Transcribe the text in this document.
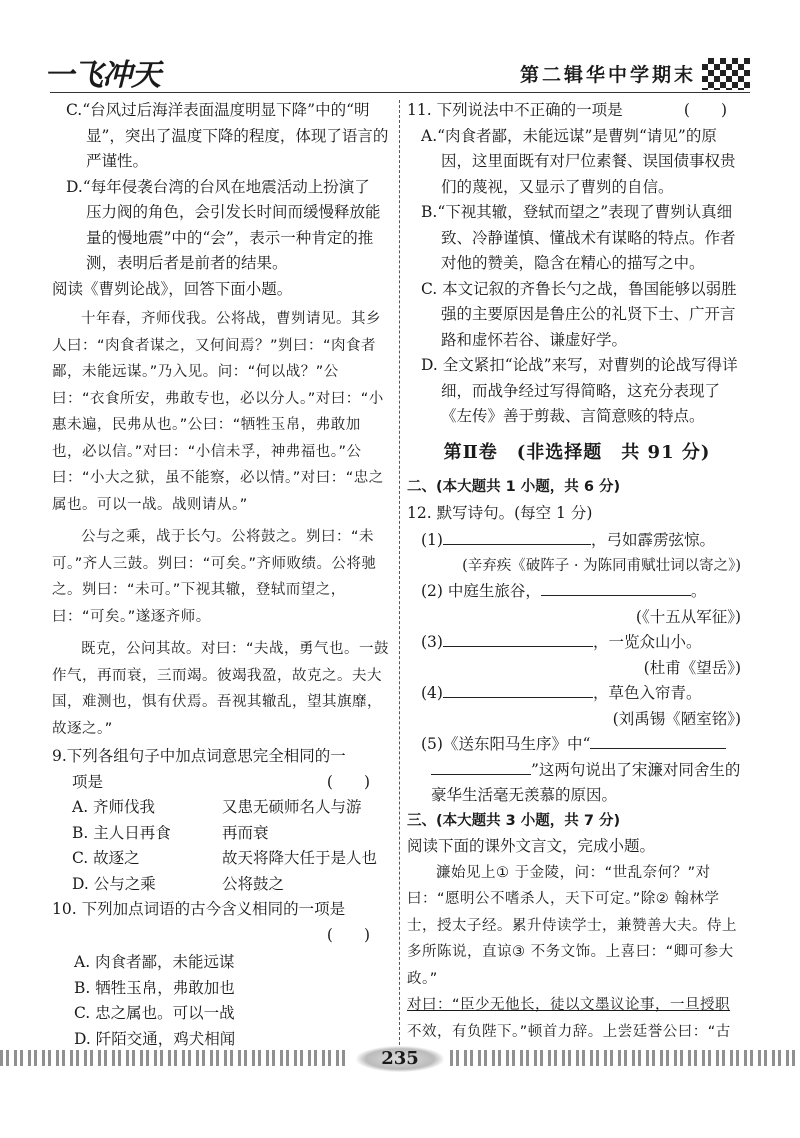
一飞冲天	第二辑华中学期末

C.“台风过后海洋表面温度明显下降”中的“明

显”，突出了温度下降的程度，体现了语言的

严谨性。

D.“每年侵袭台湾的台风在地震活动上扮演了

压力阀的角色，会引发长时间而缓慢释放能

量的慢地震”中的“会”，表示一种肯定的推

测，表明后者是前者的结果。

阅读《曹刿论战》，回答下面小题。

十年春，齐师伐我。公将战，曹刿请见。其乡人曰：“肉食者谋之，又何间焉？”刿曰：“肉食者鄙，未能远谋。”乃入见。问：“何以战？”公曰：“衣食所安，弗敢专也，必以分人。”对曰：“小惠未遍，民弗从也。”公曰：“牺牲玉帛，弗敢加也，必以信。”对曰：“小信未孚，神弗福也。”公曰：“小大之狱，虽不能察，必以情。”对曰：“忠之属也。可以一战。战则请从。”

公与之乘，战于长勺。公将鼓之。刿曰：“未可。”齐人三鼓。刿曰：“可矣。”齐师败绩。公将驰之。刿曰：“未可。”下视其辙，登轼而望之，曰：“可矣。”遂逐齐师。

既克，公问其故。对曰：“夫战，勇气也。一鼓作气，再而衰，三而竭。彼竭我盈，故克之。夫大国，难测也，惧有伏焉。吾视其辙乱，望其旗靡，故逐之。”

9.下列各组句子中加点词意思完全相同的一

项是	(　　)
A. 齐师伐我	又患无硕师名人与游
B. 主人日再食	再而衰
C. 故逐之	故天将降大任于是人也
D. 公与之乘	公将鼓之

10. 下列加点词语的古今含义相同的一项是

(　　)
A. 肉食者鄙，未能远谋
B. 牺牲玉帛，弗敢加也
C. 忠之属也。可以一战
D. 阡陌交通，鸡犬相闻
11. 下列说法中不正确的一项是	(　　)

A.“肉食者鄙，未能远谋”是曹刿“请见”的原因，这里面既有对尸位素餐、误国债事权贵们的蔑视，又显示了曹刿的自信。

B.“下视其辙，登轼而望之”表现了曹刿认真细致、冷静谨慎、懂战术有谋略的特点。作者对他的赞美，隐含在精心的描写之中。

C. 本文记叙的齐鲁长勺之战，鲁国能够以弱胜强的主要原因是鲁庄公的礼贤下士、广开言路和虚怀若谷、谦虚好学。

D. 全文紧扣“论战”来写，对曹刿的论战写得详细，而战争经过写得简略，这充分表现了《左传》善于剪裁、言简意赅的特点。

第Ⅱ卷　(非选择题　共 91 分)
二、(本大题共 1 小题，共 6 分)

12. 默写诗句。(每空 1 分)

(1)	，弓如霹雳弦惊。
(辛弃疾《破阵子 · 为陈同甫赋壮词以寄之》)
(2) 中庭生旅谷，	。
(《十五从军征》)
(3)	，一览众山小。
(杜甫《望岳》)
(4)	，草色入帘青。
(刘禹锡《陋室铭》)
(5)《送东阳马生序》中“
”这两句说出了宋濂对同舍生的豪华生活毫无羡慕的原因。
三、(本大题共 3 小题，共 7 分)

阅读下面的课外文言文，完成小题。

濂始见上① 于金陵，问：“世乱奈何？”对曰：“愿明公不嗜杀人，天下可定。”除② 翰林学士，授太子经。累升侍读学士，兼赞善大夫。侍上多所陈说，直谅③ 不务文饰。上喜曰：“卿可参大政。”

对曰：“臣少无他长，徒以文墨议论事，一旦授职

不效，有负陛下。”顿首力辞。上尝廷誉公曰：“古

235
